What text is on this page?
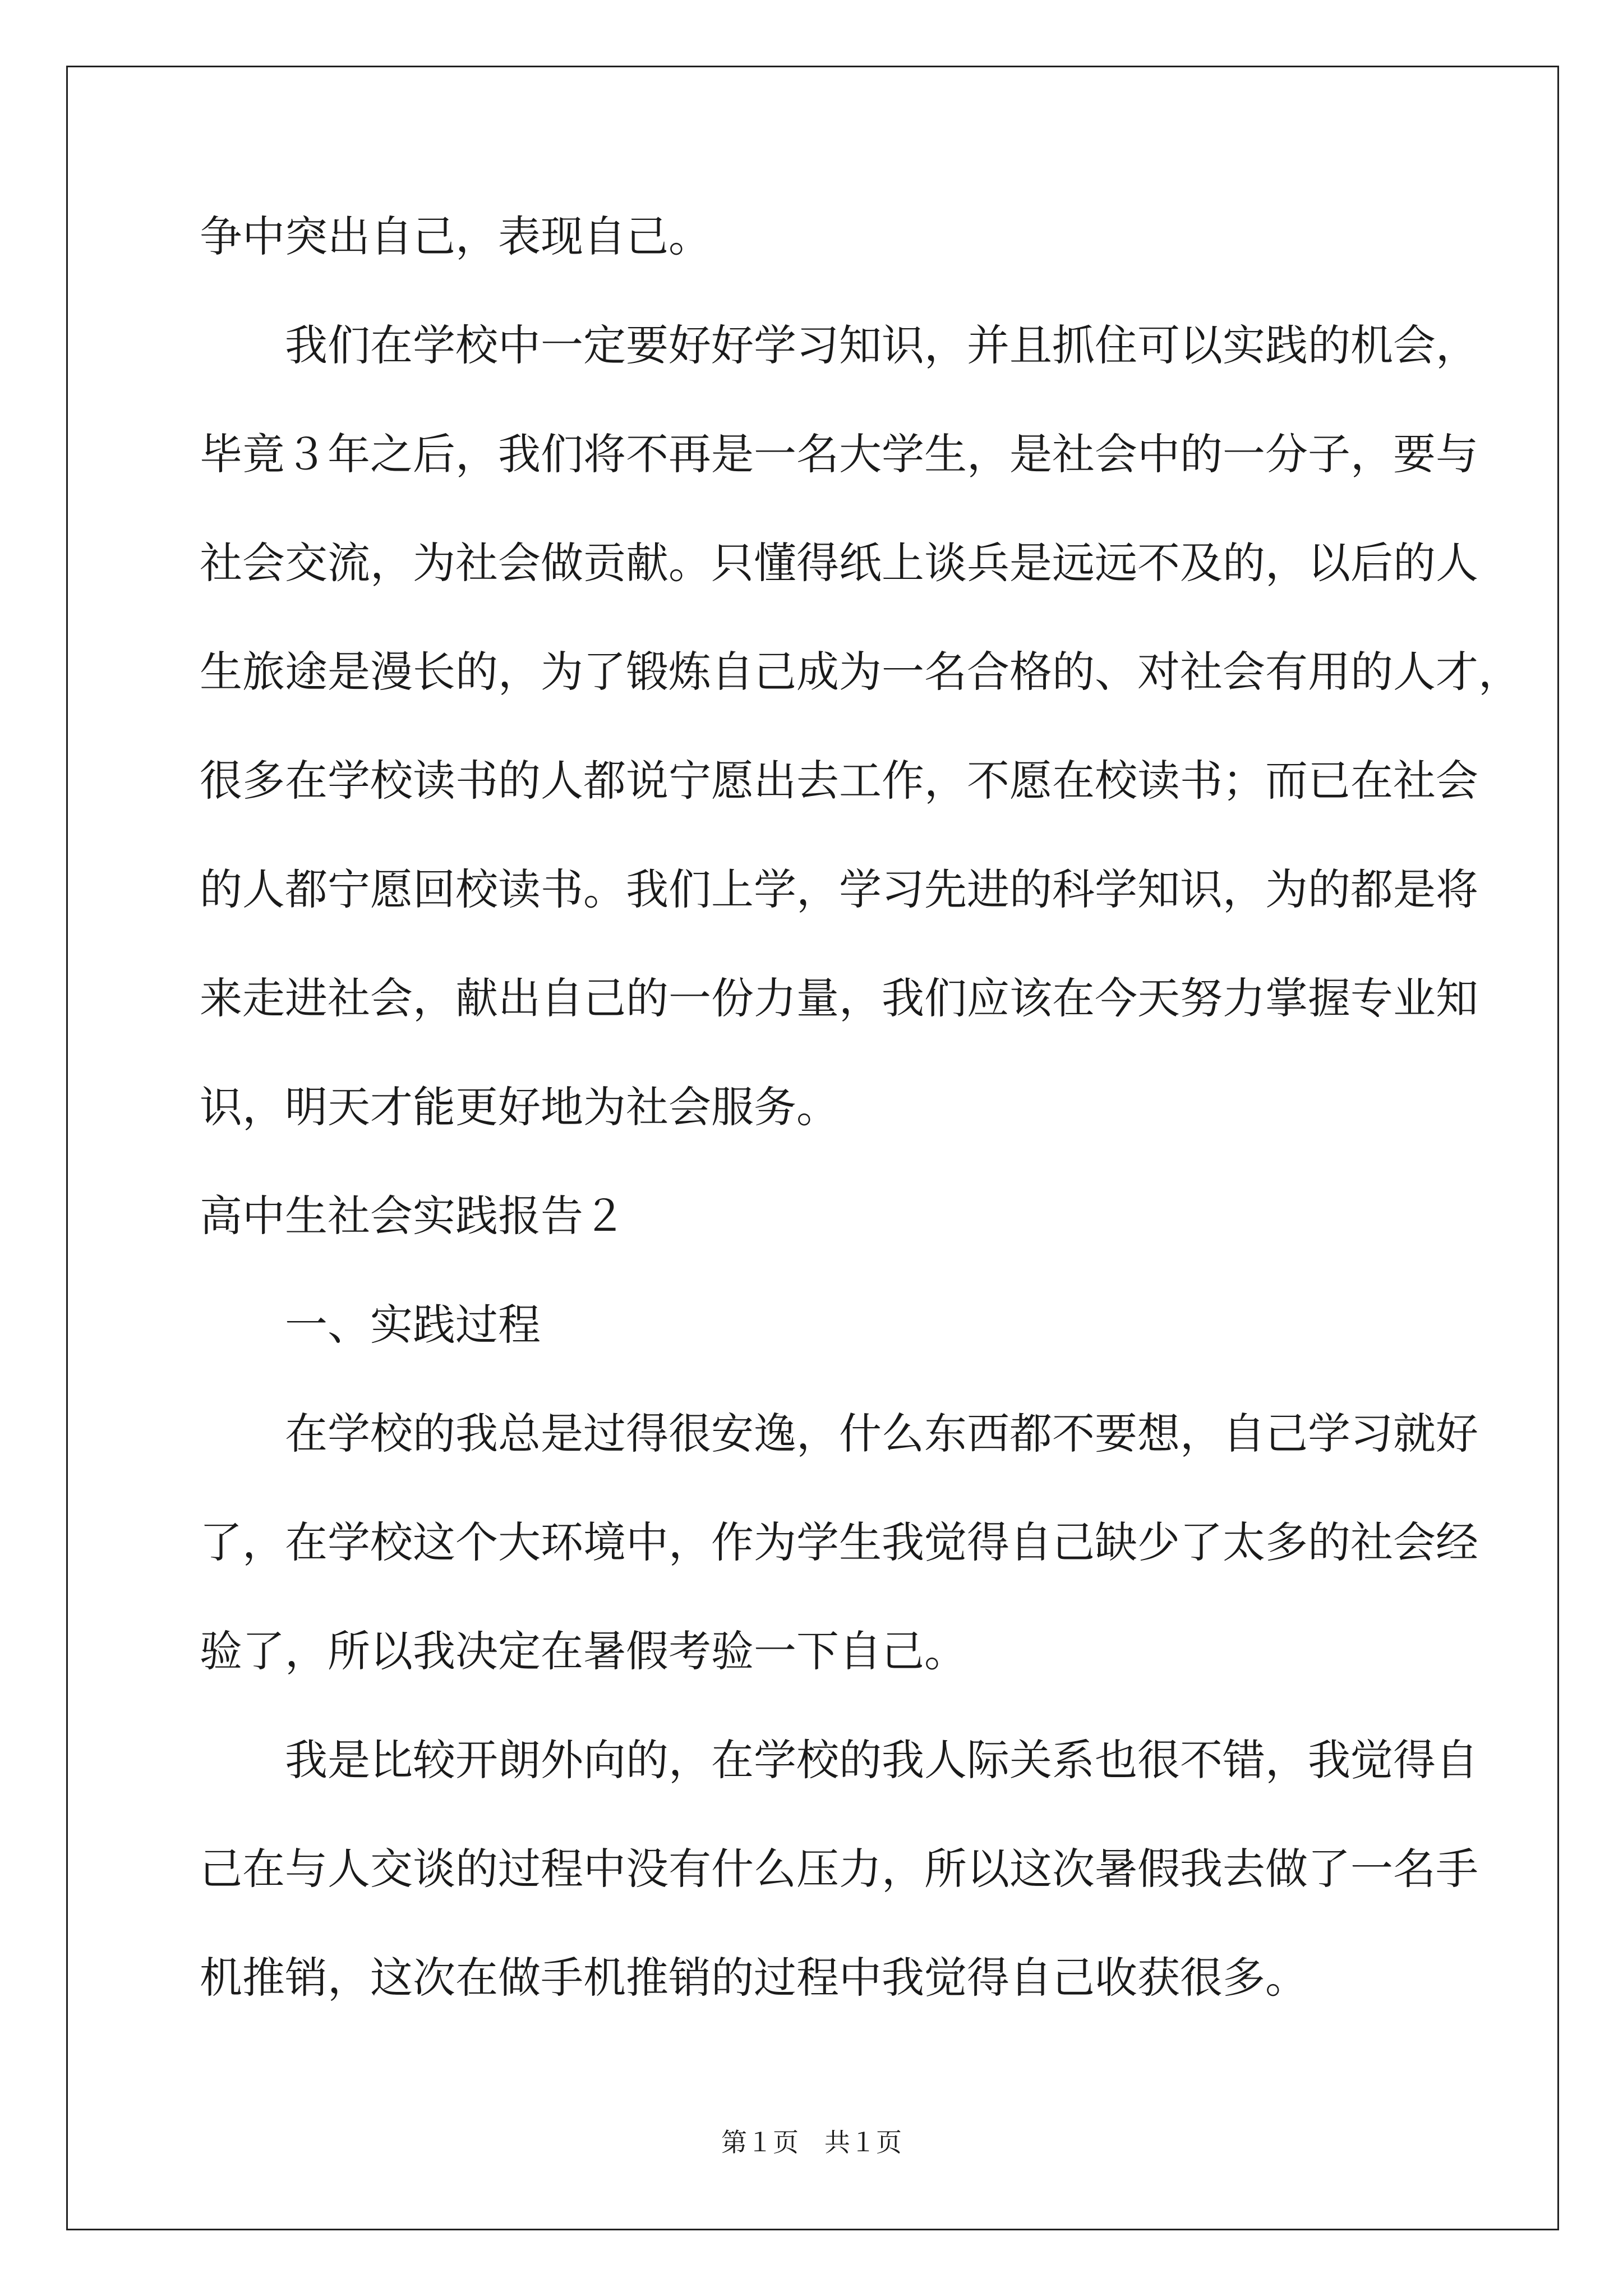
争中突出自己，表现自己。
　　我们在学校中一定要好好学习知识，并且抓住可以实践的机会，
毕竟３年之后，我们将不再是一名大学生，是社会中的一分子，要与
社会交流，为社会做贡献。只懂得纸上谈兵是远远不及的，以后的人
生旅途是漫长的，为了锻炼自己成为一名合格的、对社会有用的人才，
很多在学校读书的人都说宁愿出去工作，不愿在校读书；而已在社会
的人都宁愿回校读书。我们上学，学习先进的科学知识，为的都是将
来走进社会，献出自己的一份力量，我们应该在今天努力掌握专业知
识，明天才能更好地为社会服务。
高中生社会实践报告２
　　一、实践过程
　　在学校的我总是过得很安逸，什么东西都不要想，自己学习就好
了，在学校这个大环境中，作为学生我觉得自己缺少了太多的社会经
验了，所以我决定在暑假考验一下自己。
　　我是比较开朗外向的，在学校的我人际关系也很不错，我觉得自
己在与人交谈的过程中没有什么压力，所以这次暑假我去做了一名手
机推销，这次在做手机推销的过程中我觉得自己收获很多。
第１页　共１页
